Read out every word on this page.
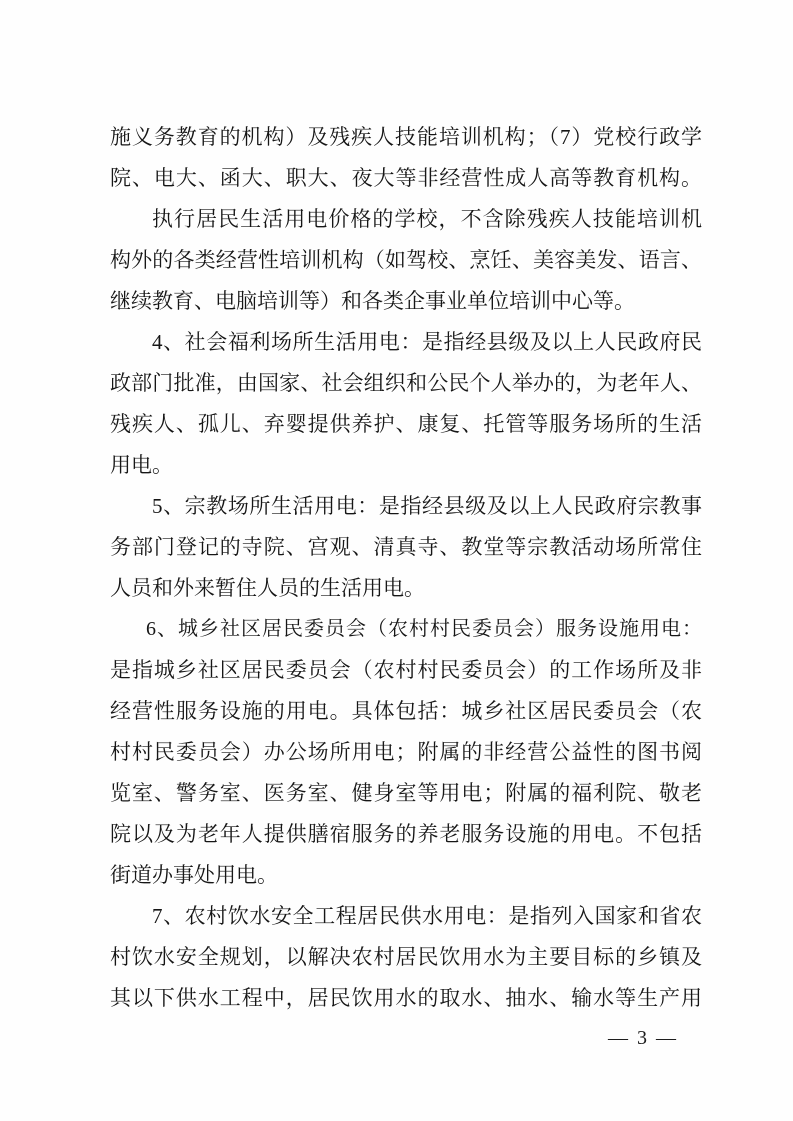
施义务教育的机构）及残疾人技能培训机构；（7）党校行政学
院、电大、函大、职大、夜大等非经营性成人高等教育机构。
执行居民生活用电价格的学校，不含除残疾人技能培训机
构外的各类经营性培训机构（如驾校、烹饪、美容美发、语言、
继续教育、电脑培训等）和各类企事业单位培训中心等。
4、社会福利场所生活用电：是指经县级及以上人民政府民
政部门批准，由国家、社会组织和公民个人举办的，为老年人、
残疾人、孤儿、弃婴提供养护、康复、托管等服务场所的生活
用电。
5、宗教场所生活用电：是指经县级及以上人民政府宗教事
务部门登记的寺院、宫观、清真寺、教堂等宗教活动场所常住
人员和外来暂住人员的生活用电。
6、城乡社区居民委员会（农村村民委员会）服务设施用电：
是指城乡社区居民委员会（农村村民委员会）的工作场所及非
经营性服务设施的用电。具体包括：城乡社区居民委员会（农
村村民委员会）办公场所用电；附属的非经营公益性的图书阅
览室、警务室、医务室、健身室等用电；附属的福利院、敬老
院以及为老年人提供膳宿服务的养老服务设施的用电。不包括
街道办事处用电。
7、农村饮水安全工程居民供水用电：是指列入国家和省农
村饮水安全规划，以解决农村居民饮用水为主要目标的乡镇及
其以下供水工程中，居民饮用水的取水、抽水、输水等生产用
— 3 —
